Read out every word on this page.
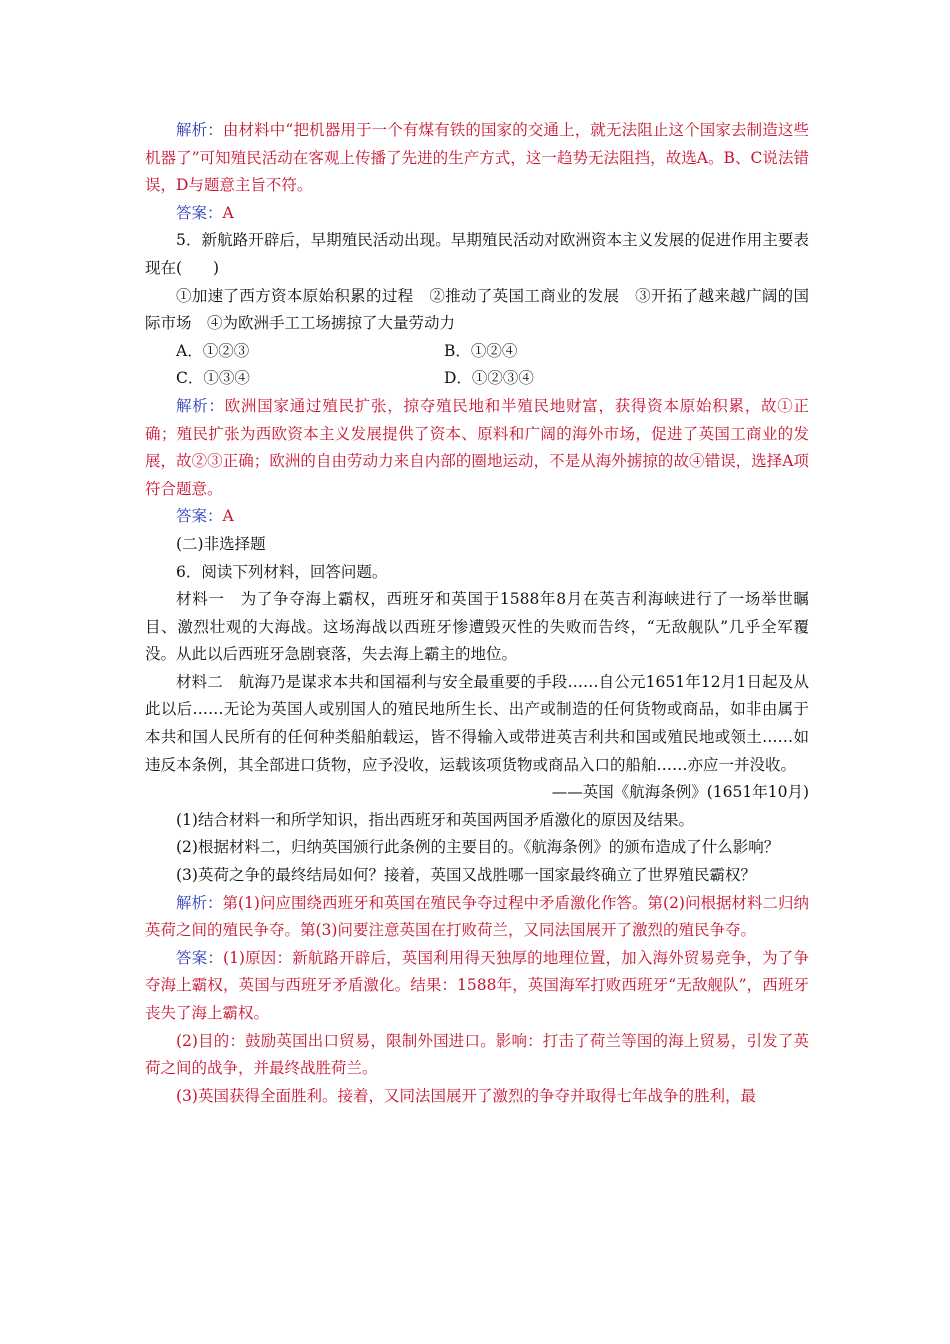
解析：由材料中“把机器用于一个有煤有铁的国家的交通上，就无法阻止这个国家去制造这些机器了”可知殖民活动在客观上传播了先进的生产方式，这一趋势无法阻挡，故选A。B、C说法错误，D与题意主旨不符。

答案：A

5．新航路开辟后，早期殖民活动出现。早期殖民活动对欧洲资本主义发展的促进作用主要表现在(　　)

①加速了西方资本原始积累的过程　②推动了英国工商业的发展　③开拓了越来越广阔的国际市场　④为欧洲手工工场掳掠了大量劳动力

A．①②③	B．①②④
C．①③④	D．①②③④

解析：欧洲国家通过殖民扩张，掠夺殖民地和半殖民地财富，获得资本原始积累，故①正确；殖民扩张为西欧资本主义发展提供了资本、原料和广阔的海外市场，促进了英国工商业的发展，故②③正确；欧洲的自由劳动力来自内部的圈地运动，不是从海外掳掠的故④错误，选择A项符合题意。

答案：A

(二)非选择题

6．阅读下列材料，回答问题。

材料一　为了争夺海上霸权，西班牙和英国于1588年8月在英吉利海峡进行了一场举世瞩目、激烈壮观的大海战。这场海战以西班牙惨遭毁灭性的失败而告终，“无敌舰队”几乎全军覆没。从此以后西班牙急剧衰落，失去海上霸主的地位。

材料二　航海乃是谋求本共和国福利与安全最重要的手段……自公元1651年12月1日起及从此以后……无论为英国人或别国人的殖民地所生长、出产或制造的任何货物或商品，如非由属于本共和国人民所有的任何种类船舶载运，皆不得输入或带进英吉利共和国或殖民地或领土……如违反本条例，其全部进口货物，应予没收，运载该项货物或商品入口的船舶……亦应一并没收。

——英国《航海条例》(1651年10月)

(1)结合材料一和所学知识，指出西班牙和英国两国矛盾激化的原因及结果。

(2)根据材料二，归纳英国颁行此条例的主要目的。《航海条例》的颁布造成了什么影响？

(3)英荷之争的最终结局如何？接着，英国又战胜哪一国家最终确立了世界殖民霸权？

解析：第(1)问应围绕西班牙和英国在殖民争夺过程中矛盾激化作答。第(2)问根据材料二归纳英荷之间的殖民争夺。第(3)问要注意英国在打败荷兰，又同法国展开了激烈的殖民争夺。

答案：(1)原因：新航路开辟后，英国利用得天独厚的地理位置，加入海外贸易竞争，为了争夺海上霸权，英国与西班牙矛盾激化。结果：1588年，英国海军打败西班牙“无敌舰队”，西班牙丧失了海上霸权。

(2)目的：鼓励英国出口贸易，限制外国进口。影响：打击了荷兰等国的海上贸易，引发了英荷之间的战争，并最终战胜荷兰。

(3)英国获得全面胜利。接着，又同法国展开了激烈的争夺并取得七年战争的胜利，最
